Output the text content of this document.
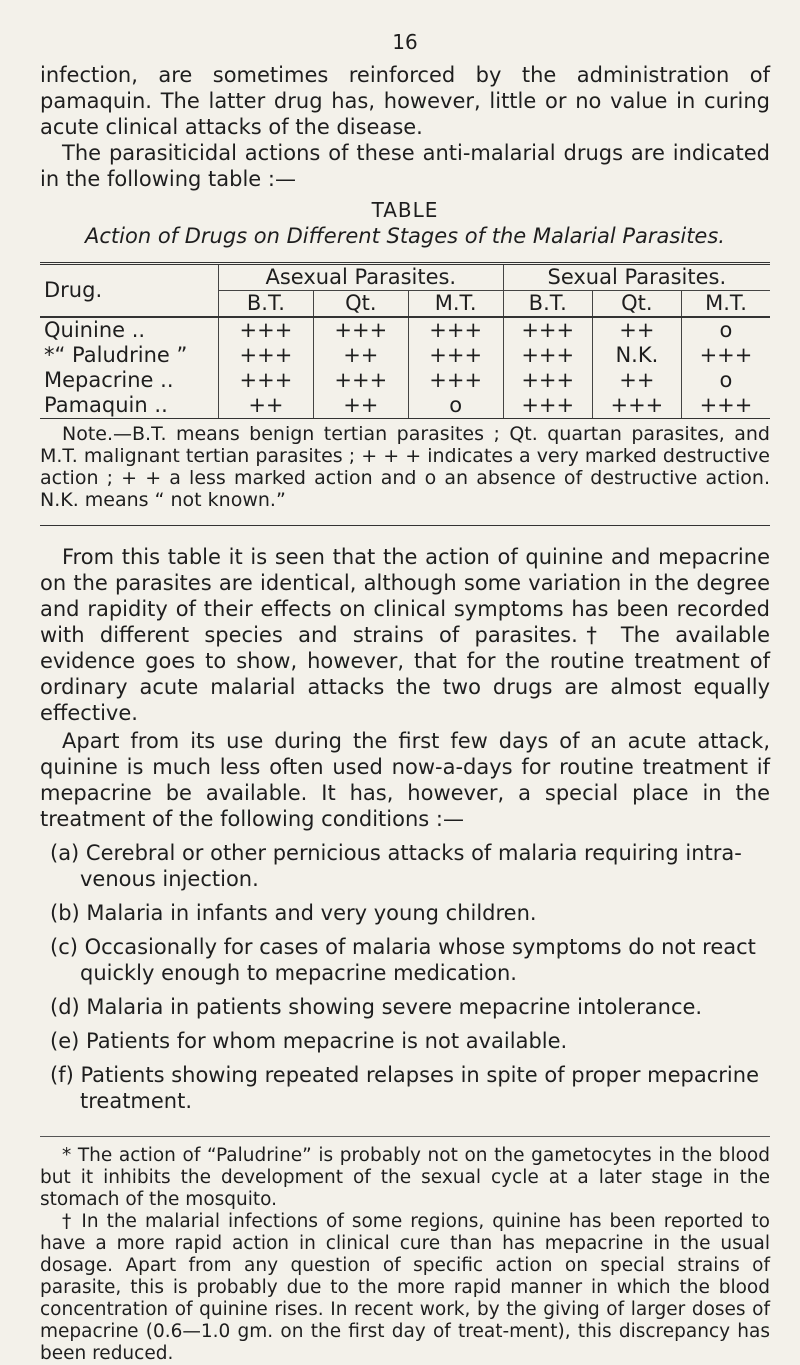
16

infection, are sometimes reinforced by the administration of pamaquin. The latter drug has, however, little or no value in curing acute clinical attacks of the disease.

The parasiticidal actions of these anti-malarial drugs are indicated in the following table :—

TABLE
Action of Drugs on Different Stages of the Malarial Parasites.
Drug.	Asexual Parasites.			Sexual Parasites.		
	B.T.	Qt.	M.T.	B.T.	Qt.	M.T.
Quinine ..	+++	+++	+++	+++	++	o
*“ Paludrine ”	+++	++	+++	+++	N.K.	+++
Mepacrine ..	+++	+++	+++	+++	++	o
Pamaquin ..	++	++	o	+++	+++	+++

Note.—B.T. means benign tertian parasites ; Qt. quartan parasites, and M.T. malignant tertian parasites ; + + + indicates a very marked destructive action ; + + a less marked action and o an absence of destructive action. N.K. means “ not known.”

From this table it is seen that the action of quinine and mepacrine on the parasites are identical, although some variation in the degree and rapidity of their effects on clinical symptoms has been recorded with different species and strains of parasites.† The available evidence goes to show, however, that for the routine treatment of ordinary acute malarial attacks the two drugs are almost equally effective.

Apart from its use during the first few days of an acute attack, quinine is much less often used now-a-days for routine treatment if mepacrine be available. It has, however, a special place in the treatment of the following conditions :—

(a) Cerebral or other pernicious attacks of malaria requiring intra-venous injection.
(b) Malaria in infants and very young children.
(c) Occasionally for cases of malaria whose symptoms do not react quickly enough to mepacrine medication.
(d) Malaria in patients showing severe mepacrine intolerance.
(e) Patients for whom mepacrine is not available.
(f) Patients showing repeated relapses in spite of proper mepacrine treatment.

* The action of “Paludrine” is probably not on the gametocytes in the blood but it inhibits the development of the sexual cycle at a later stage in the stomach of the mosquito.

† In the malarial infections of some regions, quinine has been reported to have a more rapid action in clinical cure than has mepacrine in the usual dosage. Apart from any question of specific action on special strains of parasite, this is probably due to the more rapid manner in which the blood concentration of quinine rises. In recent work, by the giving of larger doses of mepacrine (0.6—1.0 gm. on the first day of treat-ment), this discrepancy has been reduced.
